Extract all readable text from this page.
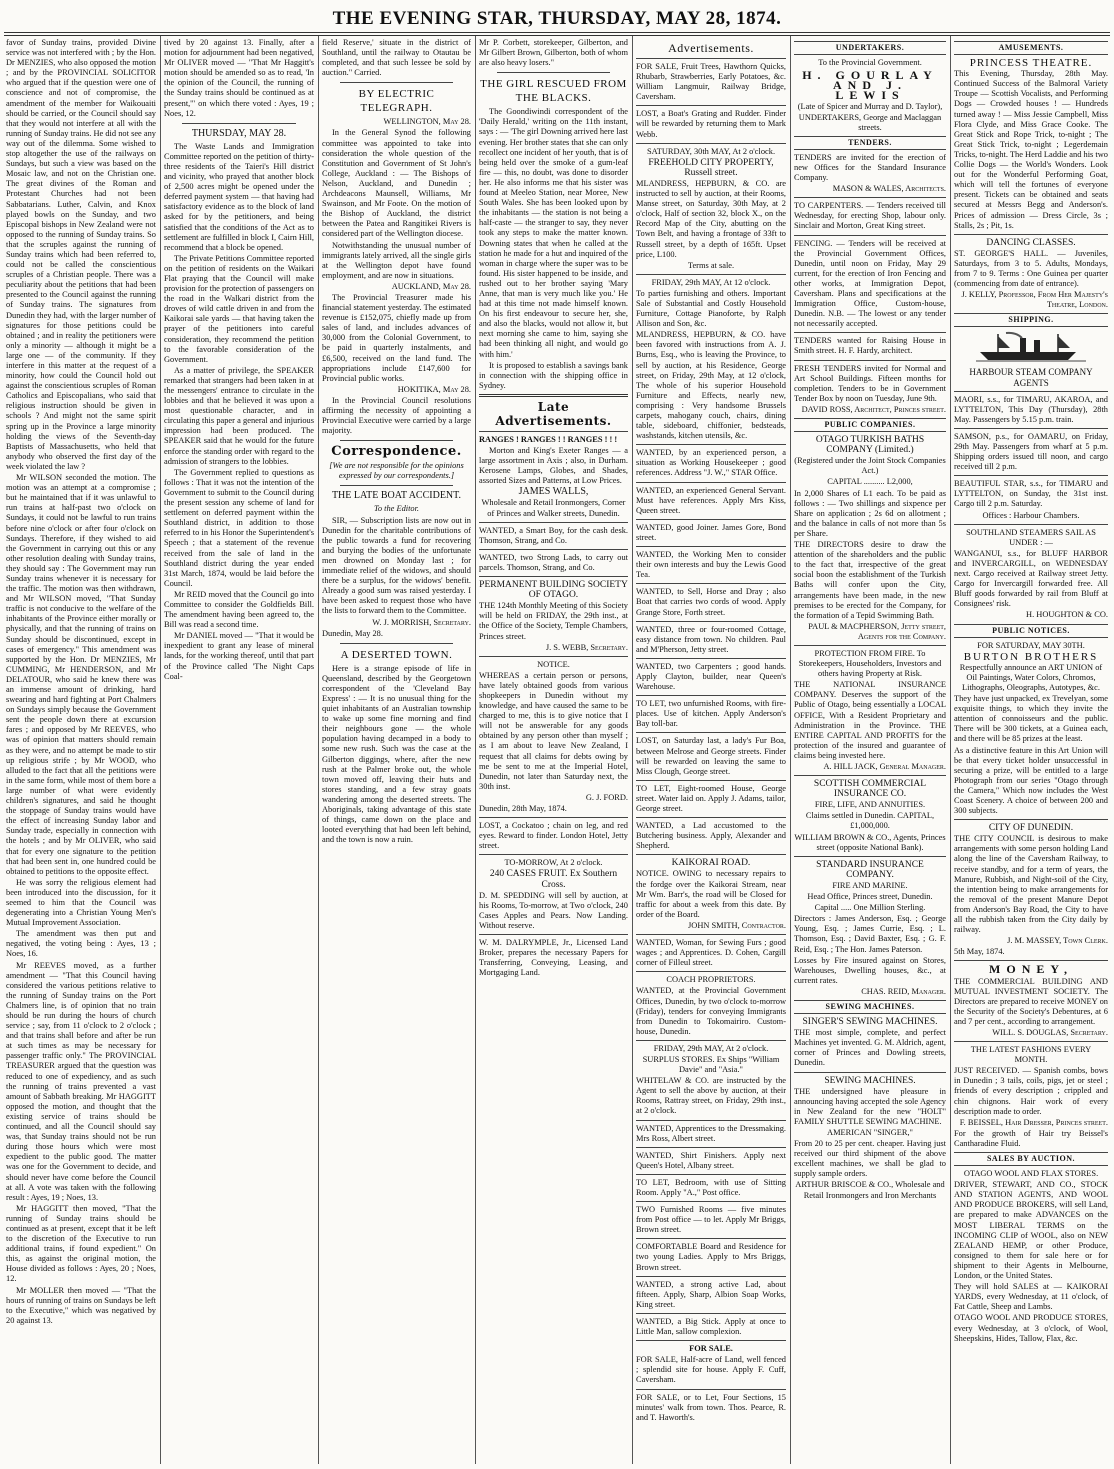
THE EVENING STAR, THURSDAY, MAY 28, 1874.

favor of Sunday trains, provided Divine service was not interfered with ; by the Hon. Dr MENZIES, who also opposed the motion ; and by the PROVINCIAL SOLICITOR who argued that if the question were one of conscience and not of compromise, the amendment of the member for Waikouaiti should be carried, or the Council should say that they would not interfere at all with the running of Sunday trains. He did not see any way out of the dilemma. Some wished to stop altogether the use of the railways on Sundays, but such a view was based on the Mosaic law, and not on the Christian one. The great divines of the Roman and Protestant Churches had not been Sabbatarians. Luther, Calvin, and Knox played bowls on the Sunday, and two Episcopal bishops in New Zealand were not opposed to the running of Sunday trains. So that the scruples against the running of Sunday trains which had been referred to, could not be called the conscientious scruples of a Christian people. There was a peculiarity about the petitions that had been presented to the Council against the running of Sunday trains. The signatures from Dunedin they had, with the larger number of signatures for those petitions could be obtained ; and in reality the petitioners were only a minority — although it might be a large one — of the community. If they interfere in this matter at the request of a minority, how could the Council hold out against the conscientious scruples of Roman Catholics and Episcopalians, who said that religious instruction should be given in schools ? And might not the same spirit spring up in the Province a large minority holding the views of the Seventh-day Baptists of Massachusetts, who held that anybody who observed the first day of the week violated the law ?

Mr WILSON seconded the motion. The motion was an attempt at a compromise ; but he maintained that if it was unlawful to run trains at half-past two o'clock on Sundays, it could not be lawful to run trains before nine o'clock or after four o'clock on Sundays. Therefore, if they wished to aid the Government in carrying out this or any other resolution dealing with Sunday trains, they should say : The Government may run Sunday trains whenever it is necessary for the traffic. The motion was then withdrawn, and Mr WILSON moved, "That Sunday traffic is not conducive to the welfare of the inhabitants of the Province either morally or physically, and that the running of trains on Sunday should be discontinued, except in cases of emergency." This amendment was supported by the Hon. Dr MENZIES, Mr CUMMING, Mr HENDERSON, and Mr DELATOUR, who said he knew there was an immense amount of drinking, hard swearing and hard fighting at Port Chalmers on Sundays simply because the Government sent the people down there at excursion fares ; and opposed by Mr REEVES, who was of opinion that matters should remain as they were, and no attempt be made to stir up religious strife ; by Mr WOOD, who alluded to the fact that all the petitions were in the same form, while most of them bore a large number of what were evidently children's signatures, and said he thought the stoppage of Sunday trains would have the effect of increasing Sunday labor and Sunday trade, especially in connection with the hotels ; and by Mr OLIVER, who said that for every one signature to the petition that had been sent in, one hundred could be obtained to petitions to the opposite effect.

He was sorry the religious element had been introduced into the discussion, for it seemed to him that the Council was degenerating into a Christian Young Men's Mutual Improvement Association.

The amendment was then put and negatived, the voting being : Ayes, 13 ; Noes, 16.

Mr REEVES moved, as a further amendment — "That this Council having considered the various petitions relative to the running of Sunday trains on the Port Chalmers line, is of opinion that no train should be run during the hours of church service ; say, from 11 o'clock to 2 o'clock ; and that trains shall before and after be run at such times as may be necessary for passenger traffic only." The PROVINCIAL TREASURER argued that the question was reduced to one of expediency, and as such the running of trains prevented a vast amount of Sabbath breaking. Mr HAGGITT opposed the motion, and thought that the existing service of trains should be continued, and all the Council should say was, that Sunday trains should not be run during those hours which were most expedient to the public good. The matter was one for the Government to decide, and should never have come before the Council at all. A vote was taken with the following result : Ayes, 19 ; Noes, 13.

Mr HAGGITT then moved, "That the running of Sunday trains should be continued as at present, except that it be left to the discretion of the Executive to run additional trains, if found expedient." On this, as against the original motion, the House divided as follows : Ayes, 20 ; Noes, 12.

Mr MOLLER then moved — "That the hours of running of trains on Sundays be left to the Executive," which was negatived by 20 against 13.

tived by 20 against 13. Finally, after a motion for adjournment had been negatived, Mr OLIVER moved — "That Mr Haggitt's motion should be amended so as to read, 'In the opinion of the Council, the running of the Sunday trains should be continued as at present,'" on which there voted : Ayes, 19 ; Noes, 12.

THURSDAY, MAY 28.

The Waste Lands and Immigration Committee reported on the petition of thirty-three residents of the Taieri's Hill district and vicinity, who prayed that another block of 2,500 acres might be opened under the deferred payment system — that having had satisfactory evidence as to the block of land asked for by the petitioners, and being satisfied that the conditions of the Act as to settlement are fulfilled in block I, Cairn Hill, recommend that a block be opened.

The Private Petitions Committee reported on the petition of residents on the Waikari Flat praying that the Council will make provision for the protection of passengers on the road in the Walkari district from the droves of wild cattle driven in and from the Kaikorai sale yards — that having taken the prayer of the petitioners into careful consideration, they recommend the petition to the favorable consideration of the Government.

As a matter of privilege, the SPEAKER remarked that strangers had been taken in at the messengers' entrance to circulate in the lobbies and that he believed it was upon a most questionable character, and in circulating this paper a general and injurious impression had been produced. The SPEAKER said that he would for the future enforce the standing order with regard to the admission of strangers to the lobbies.

The Government replied to questions as follows : That it was not the intention of the Government to submit to the Council during the present session any scheme of land for settlement on deferred payment within the Southland district, in addition to those referred to in his Honor the Superintendent's Speech ; that a statement of the revenue received from the sale of land in the Southland district during the year ended 31st March, 1874, would be laid before the Council.

Mr REID moved that the Council go into Committee to consider the Goldfields Bill. The amendment having been agreed to, the Bill was read a second time.

Mr DANIEL moved — "That it would be inexpedient to grant any lease of mineral lands, for the working thereof, until that part of the Province called 'The Night Caps Coal-

field Reserve,' situate in the district of Southland, until the railway to Otautau be completed, and that such lessee be sold by auction." Carried.

BY ELECTRIC TELEGRAPH.
WELLINGTON, May 28.

In the General Synod the following committee was appointed to take into consideration the whole question of the Constitution and Government of St John's College, Auckland : — The Bishops of Nelson, Auckland, and Dunedin ; Archdeacons Maunsell, Williams, Mr Swainson, and Mr Foote. On the motion of the Bishop of Auckland, the district between the Patea and Rangitikei Rivers is considered part of the Wellington diocese.

Notwithstanding the unusual number of immigrants lately arrived, all the single girls at the Wellington depot have found employment, and are now in situations.

AUCKLAND, May 28.

The Provincial Treasurer made his financial statement yesterday. The estimated revenue is £152,075, chiefly made up from sales of land, and includes advances of 30,000 from the Colonial Government, to be paid in quarterly instalments, and £6,500, received on the land fund. The appropriations include £147,600 for Provincial public works.

HOKITIKA, May 28.

In the Provincial Council resolutions affirming the necessity of appointing a Provincial Executive were carried by a large majority.

Correspondence.
[We are not responsible for the opinions expressed by our correspondents.]
THE LATE BOAT ACCIDENT.
To the Editor.

SIR, — Subscription lists are now out in Dunedin for the charitable contributions of the public towards a fund for recovering and burying the bodies of the unfortunate men drowned on Monday last ; for immediate relief of the widows, and should there be a surplus, for the widows' benefit. Already a good sum was raised yesterday. I have been asked to request those who have the lists to forward them to the Committee.

W. J. MORRISH, Secretary.
Dunedin, May 28.
A DESERTED TOWN.

Here is a strange episode of life in Queensland, described by the Georgetown correspondent of the 'Cleveland Bay Express' : — It is no unusual thing for the quiet inhabitants of an Australian township to wake up some fine morning and find their neighbours gone — the whole population having decamped in a body to some new rush. Such was the case at the Gilberton diggings, where, after the new rush at the Palmer broke out, the whole town moved off, leaving their huts and stores standing, and a few stray goats wandering among the deserted streets. The Aboriginals, taking advantage of this state of things, came down on the place and looted everything that had been left behind, and the town is now a ruin.

Mr P. Corbett, storekeeper, Gilberton, and Mr Gilbert Brown, Gilberton, both of whom are also heavy losers."

THE GIRL RESCUED FROM THE BLACKS.

The Goondiwindi correspondent of the 'Daily Herald,' writing on the 11th instant, says : — 'The girl Downing arrived here last evening. Her brother states that she can only recollect one incident of her youth, that is of being held over the smoke of a gum-leaf fire — this, no doubt, was done to disorder her. He also informs me that his sister was found at Meeleo Station, near Moree, New South Wales. She has been looked upon by the inhabitants — the station is not being a half-caste — the stranger to say, they never took any steps to make the matter known. Downing states that when he called at the station he made for a hut and inquired of the woman in charge where the super was to be found. His sister happened to be inside, and rushed out to her brother saying 'Mary Anne, that man is very much like you.' He had at this time not made himself known. On his first endeavour to secure her, she, and also the blacks, would not allow it, but next morning she came to him, saying she had been thinking all night, and would go with him.'

It is proposed to establish a savings bank in connection with the shipping office in Sydney.

Late Advertisements.
RANGES ! RANGES ! ! RANGES ! ! !

Morton and King's Exeter Ranges — a large assortment in Axis ; also, in Durham. Kerosene Lamps, Globes, and Shades, assorted Sizes and Patterns, at Low Prices.

JAMES WALLS,
Wholesale and Retail Ironmongers, Corner of Princes and Walker streets, Dunedin.

WANTED, a Smart Boy, for the cash desk. Thomson, Strang, and Co.

WANTED, two Strong Lads, to carry out parcels. Thomson, Strang, and Co.

PERMANENT BUILDING SOCIETY OF OTAGO.

THE 124th Monthly Meeting of this Society will be held on FRIDAY, the 29th inst., at the Office of the Society, Temple Chambers, Princes street.

J. S. WEBB, Secretary.
NOTICE.

WHEREAS a certain person or persons, have lately obtained goods from various shopkeepers in Dunedin without my knowledge, and have caused the same to be charged to me, this is to give notice that I will not be answerable for any goods obtained by any person other than myself ; as I am about to leave New Zealand, I request that all claims for debts owing by me be sent to me at the Imperial Hotel, Dunedin, not later than Saturday next, the 30th inst.

G. J. FORD.
Dunedin, 28th May, 1874.

LOST, a Cockatoo ; chain on leg, and red eyes. Reward to finder. London Hotel, Jetty street.

TO-MORROW, At 2 o'clock.
240 CASES FRUIT. Ex Southern Cross.

D. M. SPEDDING will sell by auction, at his Rooms, To-morrow, at Two o'clock, 240 Cases Apples and Pears. Now Landing. Without reserve.

W. M. DALRYMPLE, Jr., Licensed Land Broker, prepares the necessary Papers for Transferring, Conveying, Leasing, and Mortgaging Land.

Advertisements.

FOR SALE, Fruit Trees, Hawthorn Quicks, Rhubarb, Strawberries, Early Potatoes, &c. William Langmuir, Railway Bridge, Caversham.

LOST, a Boat's Grating and Rudder. Finder will be rewarded by returning them to Mark Webb.

SATURDAY, 30th MAY, At 2 o'clock.
FREEHOLD CITY PROPERTY, Russell street.

MLANDRESS, HEPBURN, & CO. are instructed to sell by auction, at their Rooms, Manse street, on Saturday, 30th May, at 2 o'clock, Half of section 32, block X., on the Record Map of the City, abutting on the Town Belt, and having a frontage of 33ft to Russell street, by a depth of 165ft. Upset price, L100.

Terms at sale.
FRIDAY, 29th MAY, At 12 o'clock.

To parties furnishing and others. Important Sale of Substantial and Costly Household Furniture, Cottage Pianoforte, by Ralph Allison and Son, &c.

MLANDRESS, HEPBURN, & CO. have been favored with instructions from A. J. Burns, Esq., who is leaving the Province, to sell by auction, at his Residence, George street, on Friday, 29th May, at 12 o'clock, The whole of his superior Household Furniture and Effects, nearly new, comprising : Very handsome Brussels carpets, mahogany couch, chairs, dining table, sideboard, chiffonier, bedsteads, washstands, kitchen utensils, &c.

WANTED, by an experienced person, a situation as Working Housekeeper ; good references. Address "J. W.," STAR Office.

WANTED, an experienced General Servant. Must have references. Apply Mrs Kiss, Queen street.

WANTED, good Joiner. James Gore, Bond street.

WANTED, the Working Men to consider their own interests and buy the Lewis Good Tea.

WANTED, to Sell, Horse and Dray ; also Boat that carries two cords of wood. Apply Grange Store, Forth street.

WANTED, three or four-roomed Cottage, easy distance from town. No children. Paul and M'Pherson, Jetty street.

WANTED, two Carpenters ; good hands. Apply Clayton, builder, near Queen's Warehouse.

TO LET, two unfurnished Rooms, with fire-places. Use of kitchen. Apply Anderson's Bay toll-bar.

LOST, on Saturday last, a lady's Fur Boa, between Melrose and George streets. Finder will be rewarded on leaving the same to Miss Clough, George street.

TO LET, Eight-roomed House, George street. Water laid on. Apply J. Adams, tailor, George street.

WANTED, a Lad accustomed to the Butchering business. Apply, Alexander and Shepherd.

KAIKORAI ROAD.

NOTICE. OWING to necessary repairs to the fordge over the Kaikorai Stream, near Mr Wm. Barr's, the road will be Closed for traffic for about a week from this date. By order of the Board.

JOHN SMITH, Contractor.

WANTED, Woman, for Sewing Furs ; good wages ; and Apprentices. D. Cohen, Cargill corner of Filleul street.

COACH PROPRIETORS.

WANTED, at the Provincial Government Offices, Dunedin, by two o'clock to-morrow (Friday), tenders for conveying Immigrants from Dunedin to Tokomairiro. Custom-house, Dunedin.

FRIDAY, 29th MAY, At 2 o'clock.
SURPLUS STORES. Ex Ships "William Davie" and "Asia."

WHITELAW & CO. are instructed by the Agent to sell the above by auction, at their Rooms, Rattray street, on Friday, 29th inst., at 2 o'clock.

WANTED, Apprentices to the Dressmaking. Mrs Ross, Albert street.

WANTED, Shirt Finishers. Apply next Queen's Hotel, Albany street.

TO LET, Bedroom, with use of Sitting Room. Apply "A.," Post office.

TWO Furnished Rooms — five minutes from Post office — to let. Apply Mr Briggs, Brown street.

COMFORTABLE Board and Residence for two young Ladies. Apply to Mrs Briggs, Brown street.

WANTED, a strong active Lad, about fifteen. Apply, Sharp, Albion Soap Works, King street.

WANTED, a Big Stick. Apply at once to Little Man, sallow complexion.

FOR SALE.

FOR SALE, Half-acre of Land, well fenced ; splendid site for house. Apply F. Cuff, Caversham.

FOR SALE, or to Let, Four Sections, 15 minutes' walk from town. Thos. Pearce, R. and T. Haworth's.

UNDERTAKERS.
To the Provincial Government.
H. GOURLAY AND J. LEWIS
(Late of Spicer and Murray and D. Taylor), UNDERTAKERS, George and Maclaggan streets.
TENDERS.

TENDERS are invited for the erection of new Offices for the Standard Insurance Company.

MASON & WALES, Architects.

TO CARPENTERS. — Tenders received till Wednesday, for erecting Shop, labour only. Sinclair and Morton, Great King street.

FENCING. — Tenders will be received at the Provincial Government Offices, Dunedin, until noon on Friday, May 29 current, for the erection of Iron Fencing and other works, at Immigration Depot, Caversham. Plans and specifications at the Immigration Office, Custom-house, Dunedin. N.B. — The lowest or any tender not necessarily accepted.

TENDERS wanted for Raising House in Smith street. H. F. Hardy, architect.

FRESH TENDERS invited for Normal and Art School Buildings. Fifteen months for completion. Tenders to be in Government Tender Box by noon on Tuesday, June 9th.

DAVID ROSS, Architect, Princes street.
PUBLIC COMPANIES.
OTAGO TURKISH BATHS COMPANY (Limited.)
(Registered under the Joint Stock Companies Act.)
CAPITAL .......... L2,000,

In 2,000 Shares of L1 each. To be paid as follows : — Two shillings and sixpence per Share on application ; 2s 6d on allotment ; and the balance in calls of not more than 5s per Share.

THE DIRECTORS desire to draw the attention of the shareholders and the public to the fact that, irrespective of the great social boon the establishment of the Turkish Baths will confer upon the City, arrangements have been made, in the new premises to be erected for the Company, for the formation of a Tepid Swimming Bath.

PAUL & MACPHERSON, Jetty street, Agents for the Company.
PROTECTION FROM FIRE. To Storekeepers, Householders, Investors and others having Property at Risk.

THE NATIONAL INSURANCE COMPANY. Deserves the support of the Public of Otago, being essentially a LOCAL OFFICE, With a Resident Proprietary and Administration in the Province. THE ENTIRE CAPITAL AND PROFITS for the protection of the insured and guarantee of claims being invested here.

A. HILL JACK, General Manager.
SCOTTISH COMMERCIAL INSURANCE CO.
FIRE, LIFE, AND ANNUITIES.
Claims settled in Dunedin. CAPITAL, £1,000,000.
WILLIAM BROWN & CO., Agents, Princes street (opposite National Bank).
STANDARD INSURANCE COMPANY.
FIRE AND MARINE.
Head Office, Princes street, Dunedin.
Capital ..... One Million Sterling.

Directors : James Anderson, Esq. ; George Young, Esq. ; James Currie, Esq. ; L. Thomson, Esq. ; David Baxter, Esq. ; G. F. Reid, Esq. ; The Hon. James Paterson.

Losses by Fire insured against on Stores, Warehouses, Dwelling houses, &c., at current rates.

CHAS. REID, Manager.
SEWING MACHINES.
SINGER'S SEWING MACHINES.

THE most simple, complete, and perfect Machines yet invented. G. M. Aldrich, agent, corner of Princes and Dowling streets, Dunedin.

SEWING MACHINES.

THE undersigned have pleasure in announcing having accepted the sole Agency in New Zealand for the new "HOLT" FAMILY SHUTTLE SEWING MACHINE.

AMERICAN "SINGER,"

From 20 to 25 per cent. cheaper. Having just received our third shipment of the above excellent machines, we shall be glad to supply sample orders.

ARTHUR BRISCOE & CO., Wholesale and Retail Ironmongers and Iron Merchants
AMUSEMENTS.
PRINCESS THEATRE.

This Evening, Thursday, 28th May. Continued Success of the Balmoral Variety Troupe — Scottish Vocalists, and Performing Dogs — Crowded houses ! — Hundreds turned away ! — Miss Jessie Campbell, Miss Flora Clyde, and Miss Grace Cooke. The Great Stick and Rope Trick, to-night ; The Great Stick Trick, to-night ; Legerdemain Tricks, to-night. The Herd Laddie and his two Collie Dogs — the World's Wonders. Look out for the Wonderful Performing Goat, which will tell the fortunes of everyone present. Tickets can be obtained and seats secured at Messrs Begg and Anderson's. Prices of admission — Dress Circle, 3s ; Stalls, 2s ; Pit, 1s.

DANCING CLASSES.

ST. GEORGE'S HALL. — Juveniles, Saturdays, from 3 to 5. Adults, Mondays, from 7 to 9. Terms : One Guinea per quarter (commencing from date of entrance).

J. KELLY, Professor, From Her Majesty's Theatre, London.
SHIPPING.
HARBOUR STEAM COMPANY AGENTS

MAORI, s.s., for TIMARU, AKAROA, and LYTTELTON, This Day (Thursday), 28th May. Passengers by 5.15 p.m. train.

SAMSON, p.s., for OAMARU, on Friday, 29th May. Passengers from wharf at 5 p.m. Shipping orders issued till noon, and cargo received till 2 p.m.

BEAUTIFUL STAR, s.s., for TIMARU and LYTTELTON, on Sunday, the 31st inst. Cargo till 2 p.m. Saturday.

Offices : Harbour Chambers.
SOUTHLAND STEAMERS SAIL AS UNDER : —

WANGANUI, s.s., for BLUFF HARBOR and INVERCARGILL, on WEDNESDAY next. Cargo received at Railway street Jetty. Cargo for Invercargill forwarded free. All Bluff goods forwarded by rail from Bluff at Consignees' risk.

H. HOUGHTON & CO.
PUBLIC NOTICES.
FOR SATURDAY, MAY 30TH.
BURTON BROTHERS
Respectfully announce an ART UNION of Oil Paintings, Water Colors, Chromos, Lithographs, Oleographs, Autotypes, &c.

They have just unpacked, ex Trevelyan, some exquisite things, to which they invite the attention of connoisseurs and the public. There will be 300 tickets, at a Guinea each, and there will be 85 prizes at the least.

As a distinctive feature in this Art Union will be that every ticket holder unsuccessful in securing a prize, will be entitled to a large Photograph from our series "Otago through the Camera," Which now includes the West Coast Scenery. A choice of between 200 and 300 subjects.

CITY OF DUNEDIN.

THE CITY COUNCIL is desirous to make arrangements with some person holding Land along the line of the Caversham Railway, to receive standby, and for a term of years, the Manure, Rubbish, and Night-soil of the City, the intention being to make arrangements for the removal of the present Manure Depot from Anderson's Bay Road, the City to have all the rubbish taken from the City daily by railway.

J. M. MASSEY, Town Clerk.
5th May, 1874.
MONEY,

THE COMMERCIAL BUILDING AND MUTUAL INVESTMENT SOCIETY. The Directors are prepared to receive MONEY on the Security of the Society's Debentures, at 6 and 7 per cent., according to arrangement.

WILL. S. DOUGLAS, Secretary.
THE LATEST FASHIONS EVERY MONTH.

JUST RECEIVED. — Spanish combs, bows in Dunedin ; 3 tails, coils, pigs, jet or steel ; friends of every description ; crippled and chin chignons. Hair work of every description made to order.

F. BEISSEL, Hair Dresser, Princes street.
For the growth of Hair try Beissel's Cantharadine Fluid.
SALES BY AUCTION.
OTAGO WOOL AND FLAX STORES.

DRIVER, STEWART, AND CO., STOCK AND STATION AGENTS, AND WOOL AND PRODUCE BROKERS, will sell Land, are prepared to make ADVANCES on the MOST LIBERAL TERMS on the INCOMING CLIP of WOOL, also on NEW ZEALAND HEMP, or other Produce, consigned to them for sale here or for shipment to their Agents in Melbourne, London, or the United States.

They will hold SALES at — KAIKORAI YARDS, every Wednesday, at 11 o'clock, of Fat Cattle, Sheep and Lambs.

OTAGO WOOL AND PRODUCE STORES, every Wednesday, at 3 o'clock, of Wool, Sheepskins, Hides, Tallow, Flax, &c.
